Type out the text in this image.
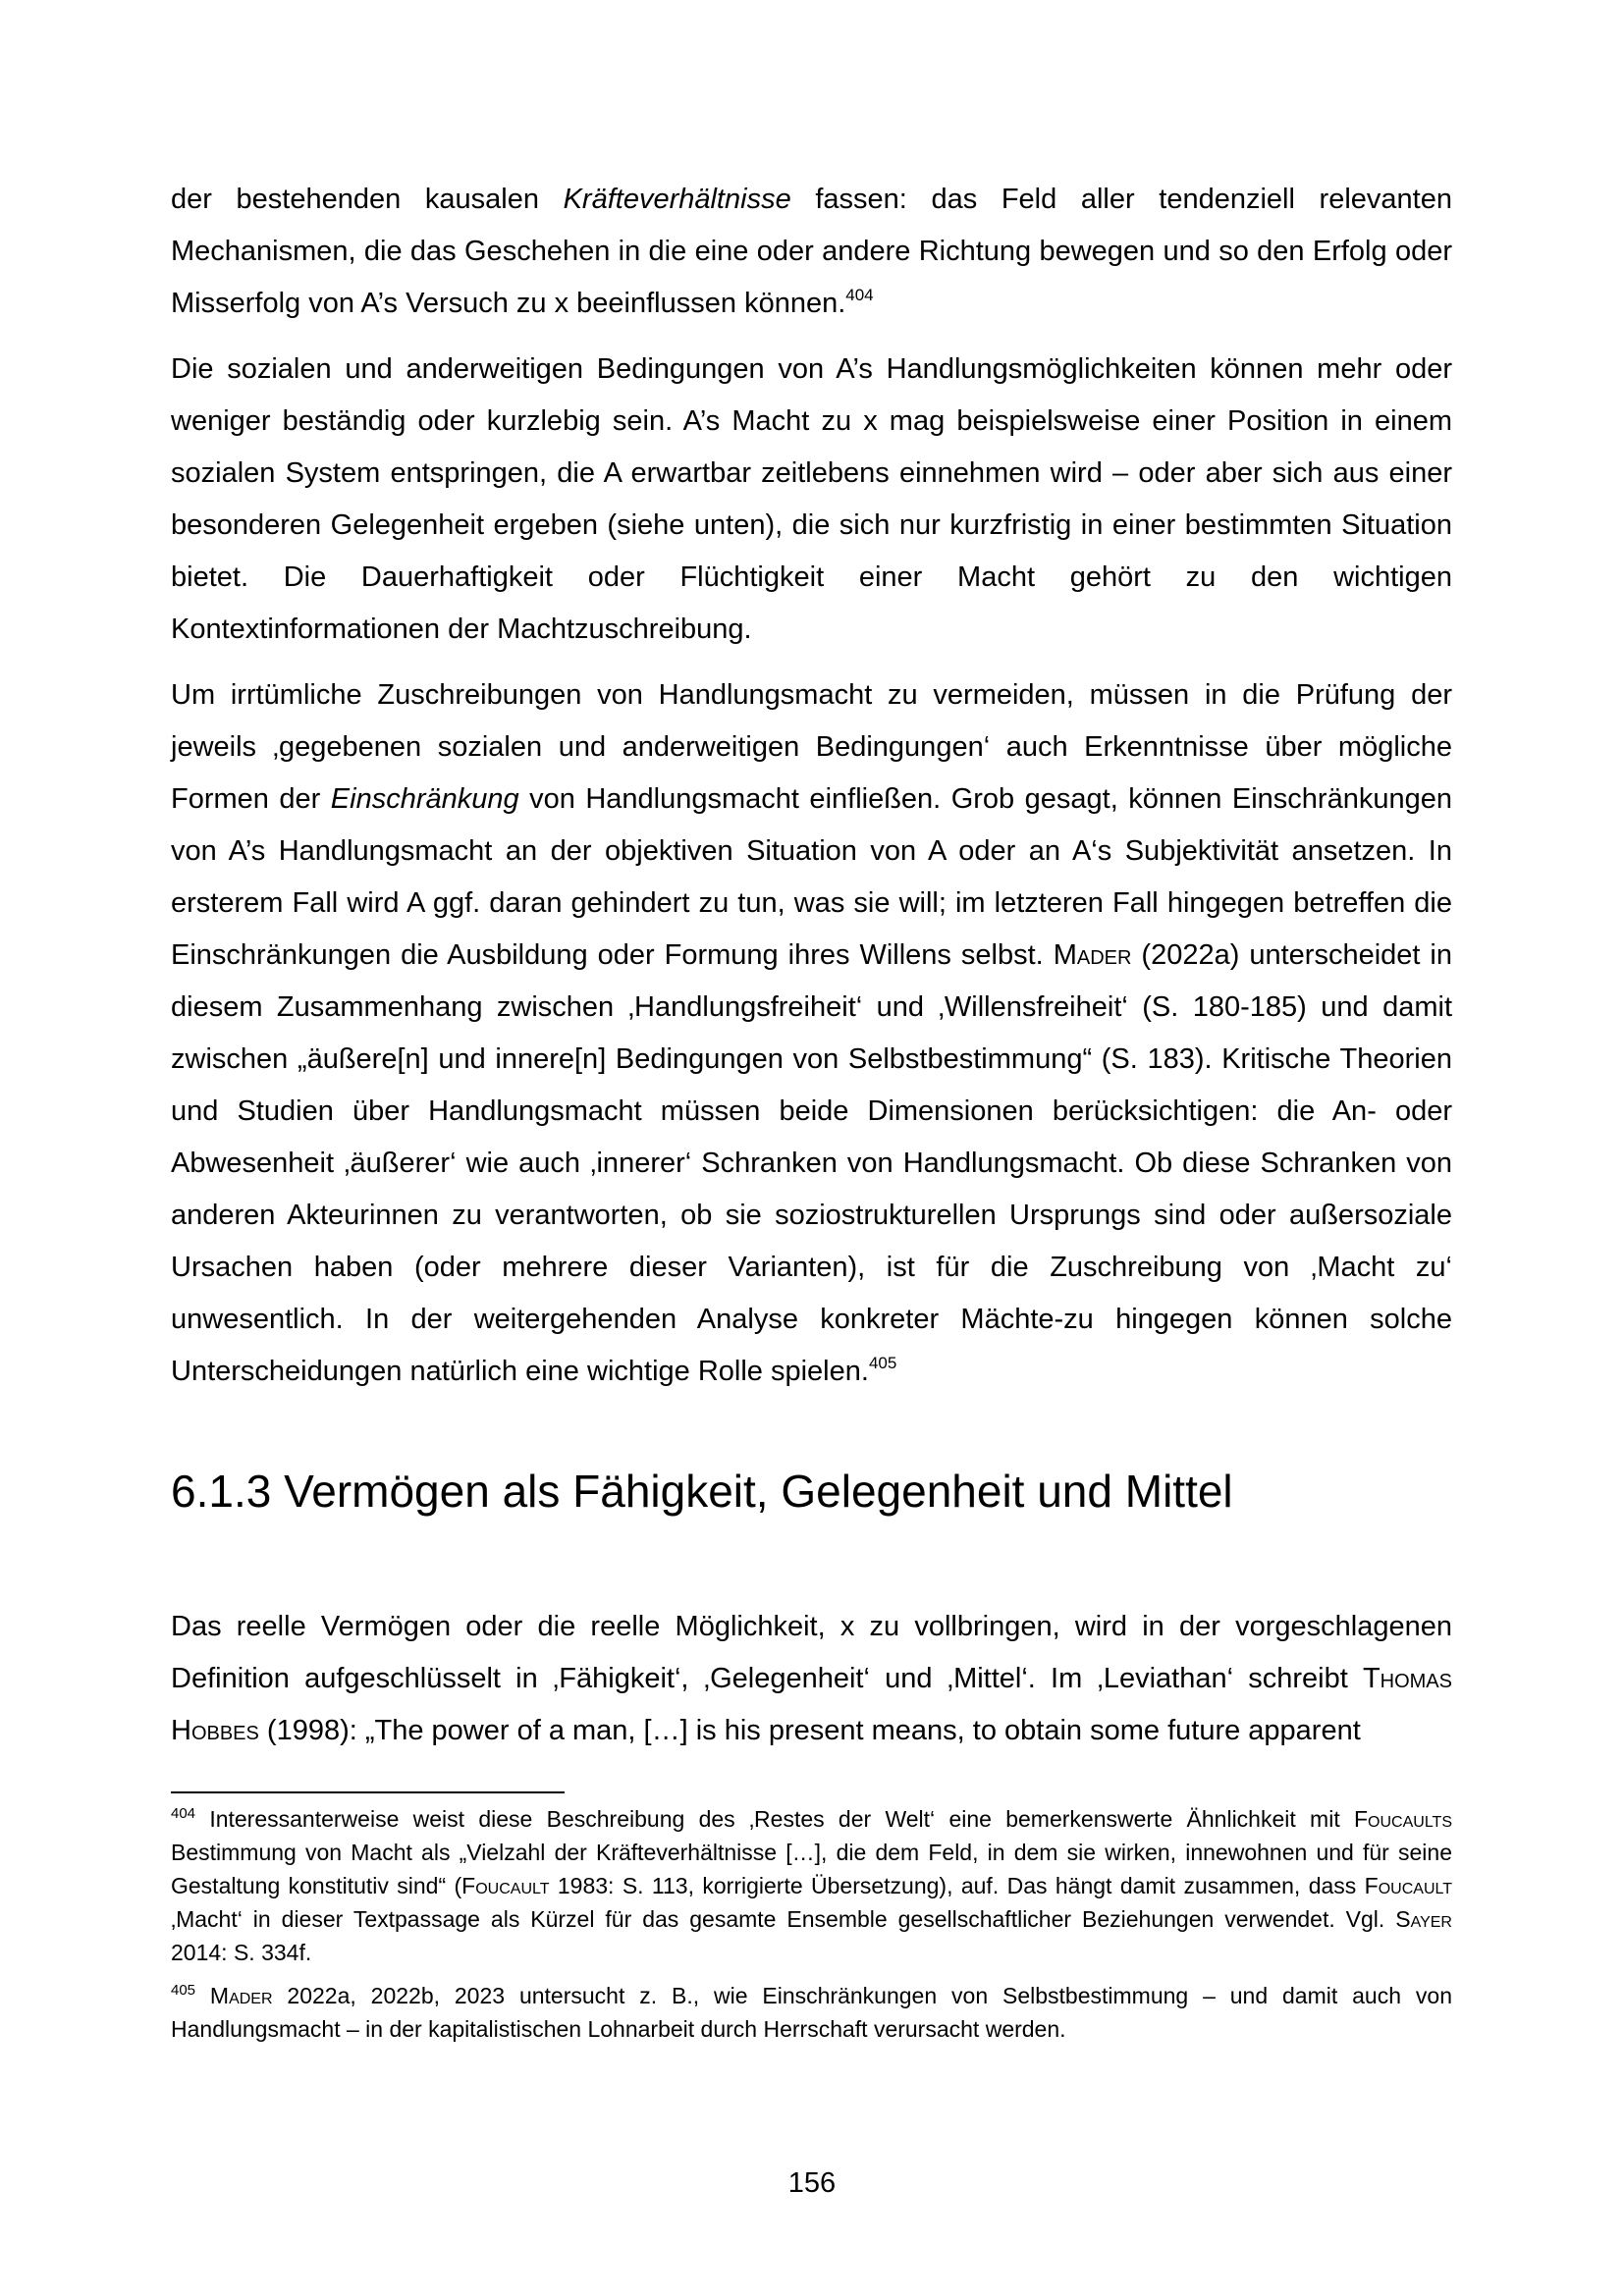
der bestehenden kausalen Kräfteverhältnisse fassen: das Feld aller tendenziell relevanten Mechanismen, die das Geschehen in die eine oder andere Richtung bewegen und so den Erfolg oder Misserfolg von A’s Versuch zu x beeinflussen können.$^{404}$

Die sozialen und anderweitigen Bedingungen von A’s Handlungsmöglichkeiten können mehr oder weniger beständig oder kurzlebig sein. A’s Macht zu x mag beispielsweise einer Position in einem sozialen System entspringen, die A erwartbar zeitlebens einnehmen wird – oder aber sich aus einer besonderen Gelegenheit ergeben (siehe unten), die sich nur kurzfristig in einer bestimmten Situation bietet. Die Dauerhaftigkeit oder Flüchtigkeit einer Macht gehört zu den wichtigen Kontextinformationen der Machtzuschreibung.

Um irrtümliche Zuschreibungen von Handlungsmacht zu vermeiden, müssen in die Prüfung der jeweils ‚gegebenen sozialen und anderweitigen Bedingungen‘ auch Erkenntnisse über mögliche Formen der Einschränkung von Handlungsmacht einfließen. Grob gesagt, können Einschränkungen von A’s Handlungsmacht an der objektiven Situation von A oder an A‘s Subjektivität ansetzen. In ersterem Fall wird A ggf. daran gehindert zu tun, was sie will; im letzteren Fall hingegen betreffen die Einschränkungen die Ausbildung oder Formung ihres Willens selbst. Mader (2022a) unterscheidet in diesem Zusammenhang zwischen ‚Handlungsfreiheit‘ und ‚Willensfreiheit‘ (S. 180-185) und damit zwischen „äußere[n] und innere[n] Bedingungen von Selbstbestimmung“ (S. 183). Kritische Theorien und Studien über Handlungsmacht müssen beide Dimensionen berücksichtigen: die An- oder Abwesenheit ‚äußerer‘ wie auch ‚innerer‘ Schranken von Handlungsmacht. Ob diese Schranken von anderen Akteurinnen zu verantworten, ob sie soziostrukturellen Ursprungs sind oder außersoziale Ursachen haben (oder mehrere dieser Varianten), ist für die Zuschreibung von ‚Macht zu‘ unwesentlich. In der weitergehenden Analyse konkreter Mächte-zu hingegen können solche Unterscheidungen natürlich eine wichtige Rolle spielen.$^{405}$

6.1.3 Vermögen als Fähigkeit, Gelegenheit und Mittel

Das reelle Vermögen oder die reelle Möglichkeit, x zu vollbringen, wird in der vorgeschlagenen Definition aufgeschlüsselt in ‚Fähigkeit‘, ‚Gelegenheit‘ und ‚Mittel‘. Im ‚Leviathan‘ schreibt Thomas Hobbes (1998): „The power of a man, […] is his present means, to obtain some future apparent

$^{404}$ Interessanterweise weist diese Beschreibung des ‚Restes der Welt‘ eine bemerkenswerte Ähnlichkeit mit Foucaults Bestimmung von Macht als „Vielzahl der Kräfteverhältnisse […], die dem Feld, in dem sie wirken, innewohnen und für seine Gestaltung konstitutiv sind“ (Foucault 1983: S. 113, korrigierte Übersetzung), auf. Das hängt damit zusammen, dass Foucault ‚Macht‘ in dieser Textpassage als Kürzel für das gesamte Ensemble gesellschaftlicher Beziehungen verwendet. Vgl. Sayer 2014: S. 334f.

$^{405}$ Mader 2022a, 2022b, 2023 untersucht z. B., wie Einschränkungen von Selbstbestimmung – und damit auch von Handlungsmacht – in der kapitalistischen Lohnarbeit durch Herrschaft verursacht werden.

156
